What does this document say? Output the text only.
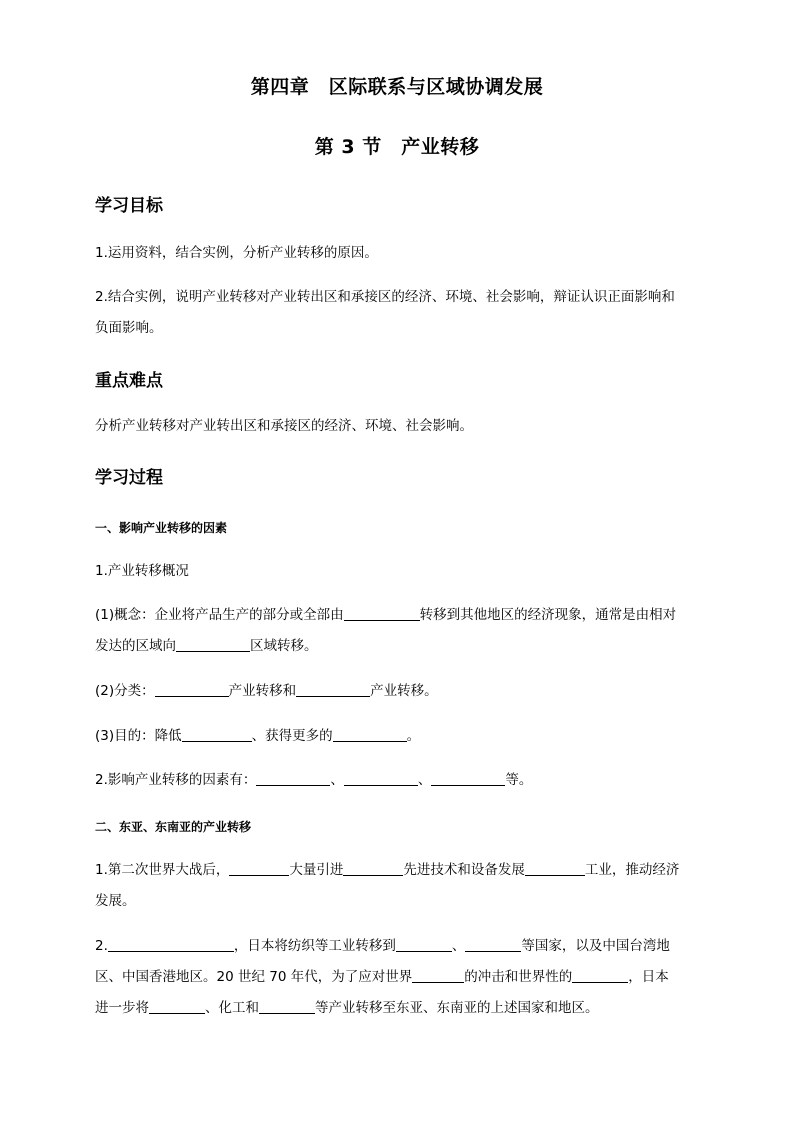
第四章　区际联系与区域协调发展
第 3 节　产业转移
学习目标
1.运用资料，结合实例，分析产业转移的原因。
2.结合实例，说明产业转移对产业转出区和承接区的经济、环境、社会影响，辩证认识正面影响和
负面影响。
重点难点
分析产业转移对产业转出区和承接区的经济、环境、社会影响。
学习过程
一、影响产业转移的因素
1.产业转移概况
(1)概念：企业将产品生产的部分或全部由	转移到其他地区的经济现象，通常是由相对
发达的区域向	区域转移。
(2)分类：	产业转移和	产业转移。
(3)目的：降低	、获得更多的	。
2.影响产业转移的因素有：	、	、	等。
二、东亚、东南亚的产业转移
1.第二次世界大战后，	大量引进	先进技术和设备发展	工业，推动经济
发展。
2.	，日本将纺织等工业转移到	、	等国家，以及中国台湾地
区、中国香港地区。20 世纪 70 年代，为了应对世界	的冲击和世界性的	，日本
进一步将	、化工和	等产业转移至东亚、东南亚的上述国家和地区。
